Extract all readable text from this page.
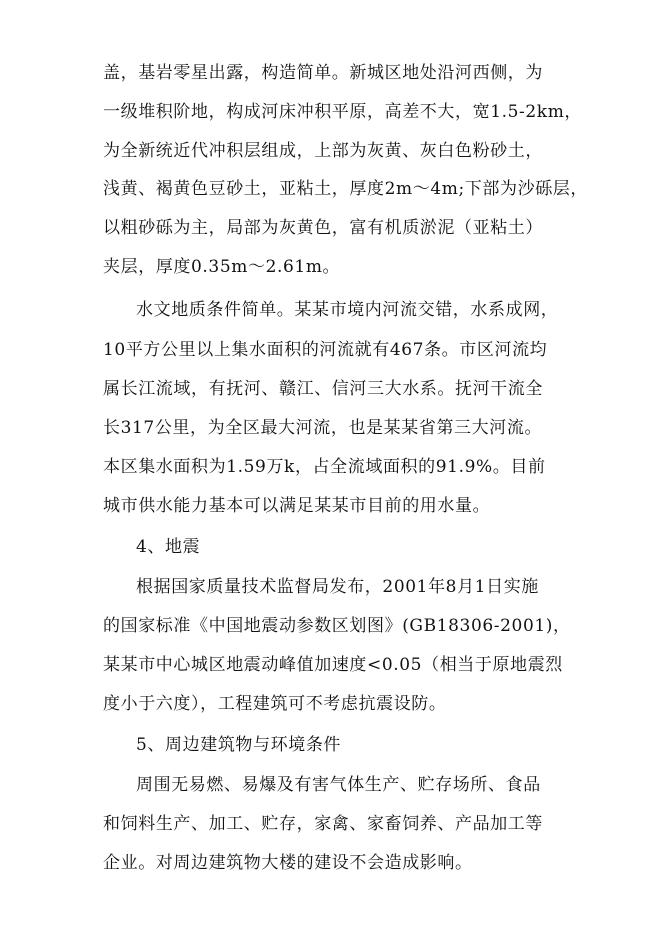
盖，基岩零星出露，构造简单。新城区地处沿河西侧，为
一级堆积阶地，构成河床冲积平原，高差不大，宽1.5-2km，
为全新统近代冲积层组成，上部为灰黄、灰白色粉砂土，
浅黄、褐黄色豆砂土，亚粘土，厚度2m～4m;下部为沙砾层，
以粗砂砾为主，局部为灰黄色，富有机质淤泥（亚粘土）
夹层，厚度0.35m～2.61m。
水文地质条件简单。某某市境内河流交错，水系成网，
10平方公里以上集水面积的河流就有467条。市区河流均
属长江流域，有抚河、赣江、信河三大水系。抚河干流全
长317公里，为全区最大河流，也是某某省第三大河流。
本区集水面积为1.59万k，占全流域面积的91.9%。目前
城市供水能力基本可以满足某某市目前的用水量。
4、地震
根据国家质量技术监督局发布，2001年8月1日实施
的国家标准《中国地震动参数区划图》(GB18306-2001)，
某某市中心城区地震动峰值加速度<0.05（相当于原地震烈
度小于六度），工程建筑可不考虑抗震设防。
5、周边建筑物与环境条件
周围无易燃、易爆及有害气体生产、贮存场所、食品
和饲料生产、加工、贮存，家禽、家畜饲养、产品加工等
企业。对周边建筑物大楼的建设不会造成影响。
